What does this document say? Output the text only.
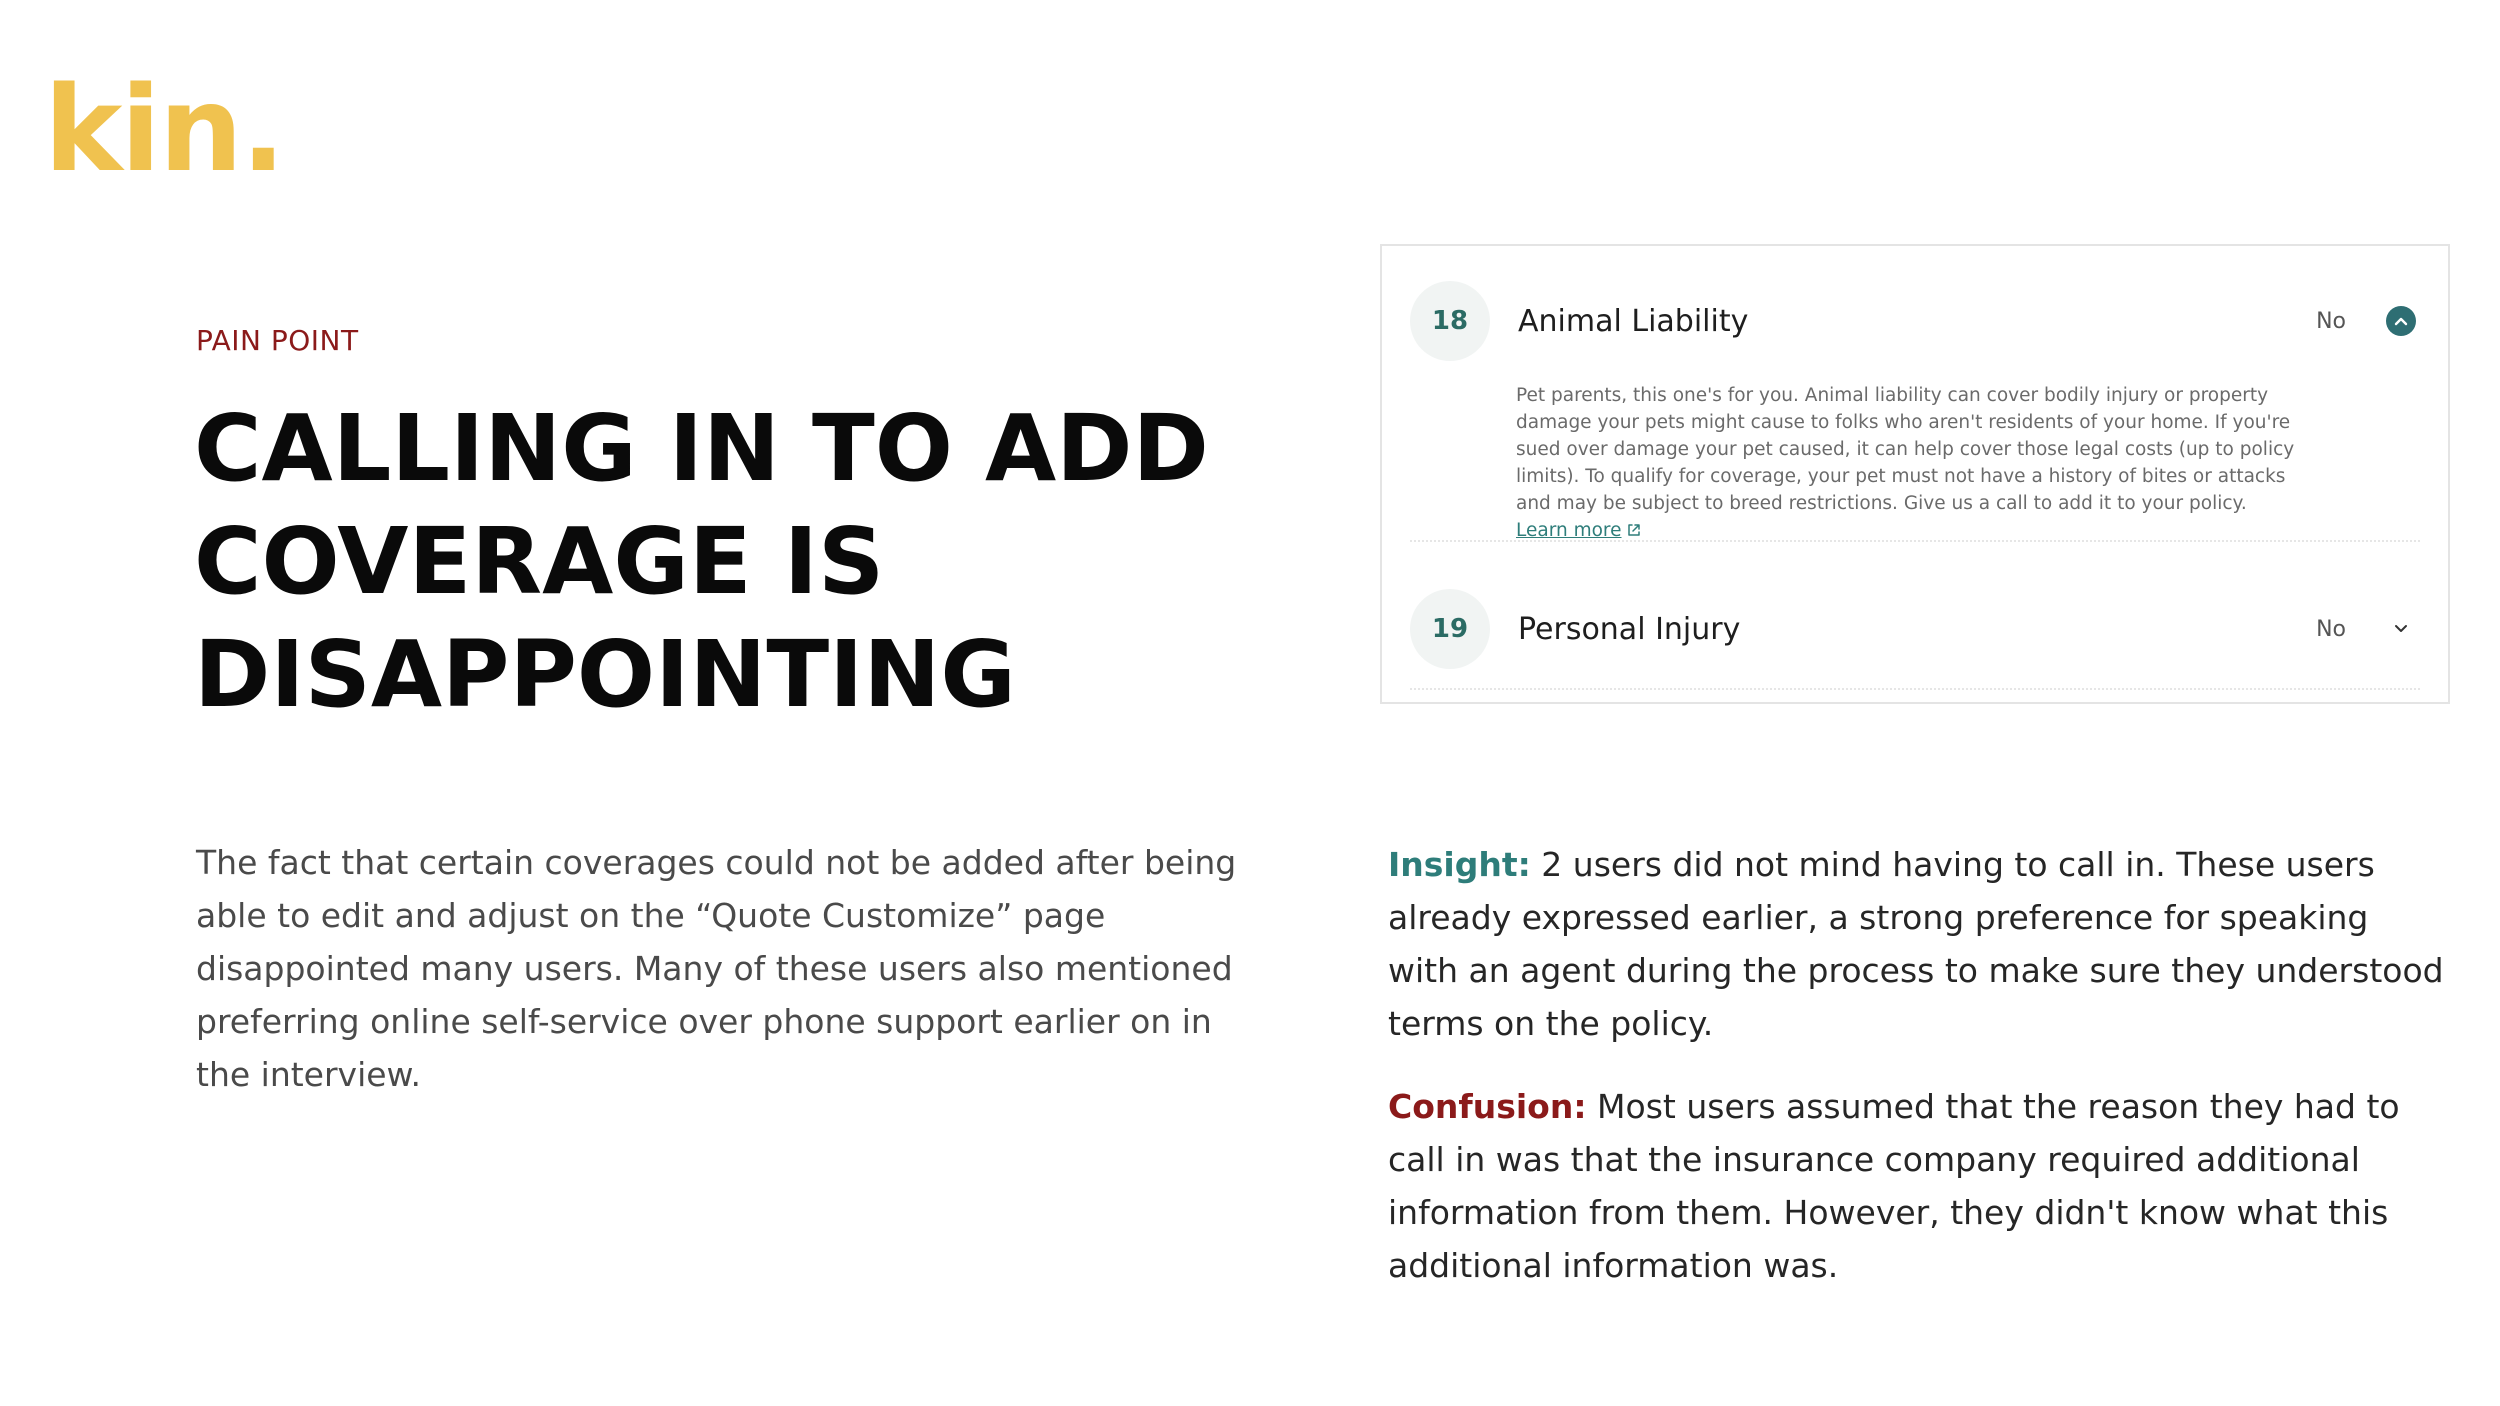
kin.
PAIN POINT
CALLING IN TO ADD
COVERAGE IS
DISAPPOINTING

The fact that certain coverages could not be added after being able to edit and adjust on the “Quote Customize” page disappointed many users. Many of these users also mentioned preferring online self-service over phone support earlier on in the interview.

18	Animal Liability	No

Pet parents, this one's for you. Animal liability can cover bodily injury or property damage your pets might cause to folks who aren't residents of your home. If you're sued over damage your pet caused, it can help cover those legal costs (up to policy limits). To qualify for coverage, your pet must not have a history of bites or attacks and may be subject to breed restrictions. Give us a call to add it to your policy. Learn more

19	Personal Injury	No

Insight: 2 users did not mind having to call in. These users already expressed earlier, a strong preference for speaking with an agent during the process to make sure they understood terms on the policy.

Confusion: Most users assumed that the reason they had to call in was that the insurance company required additional information from them. However, they didn't know what this additional information was.
